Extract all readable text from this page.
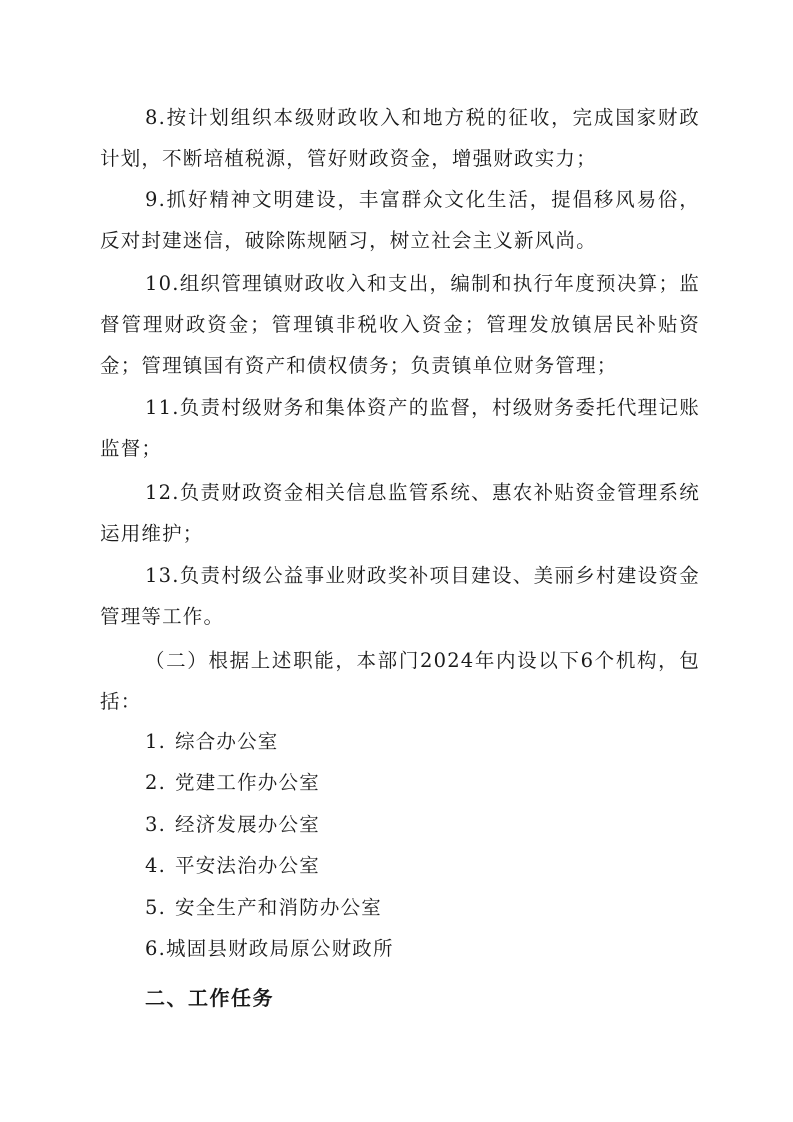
8.按计划组织本级财政收入和地方税的征收，完成国家财政计划，不断培植税源，管好财政资金，增强财政实力；

9.抓好精神文明建设，丰富群众文化生活，提倡移风易俗，反对封建迷信，破除陈规陋习，树立社会主义新风尚。

10.组织管理镇财政收入和支出，编制和执行年度预决算；监督管理财政资金；管理镇非税收入资金；管理发放镇居民补贴资金；管理镇国有资产和债权债务；负责镇单位财务管理；

11.负责村级财务和集体资产的监督，村级财务委托代理记账监督；

12.负责财政资金相关信息监管系统、惠农补贴资金管理系统运用维护；

13.负责村级公益事业财政奖补项目建设、美丽乡村建设资金管理等工作。

（二）根据上述职能，本部门2024年内设以下6个机构，包括：

1. 综合办公室
2. 党建工作办公室
3. 经济发展办公室
4. 平安法治办公室
5. 安全生产和消防办公室
6.城固县财政局原公财政所
二、工作任务
